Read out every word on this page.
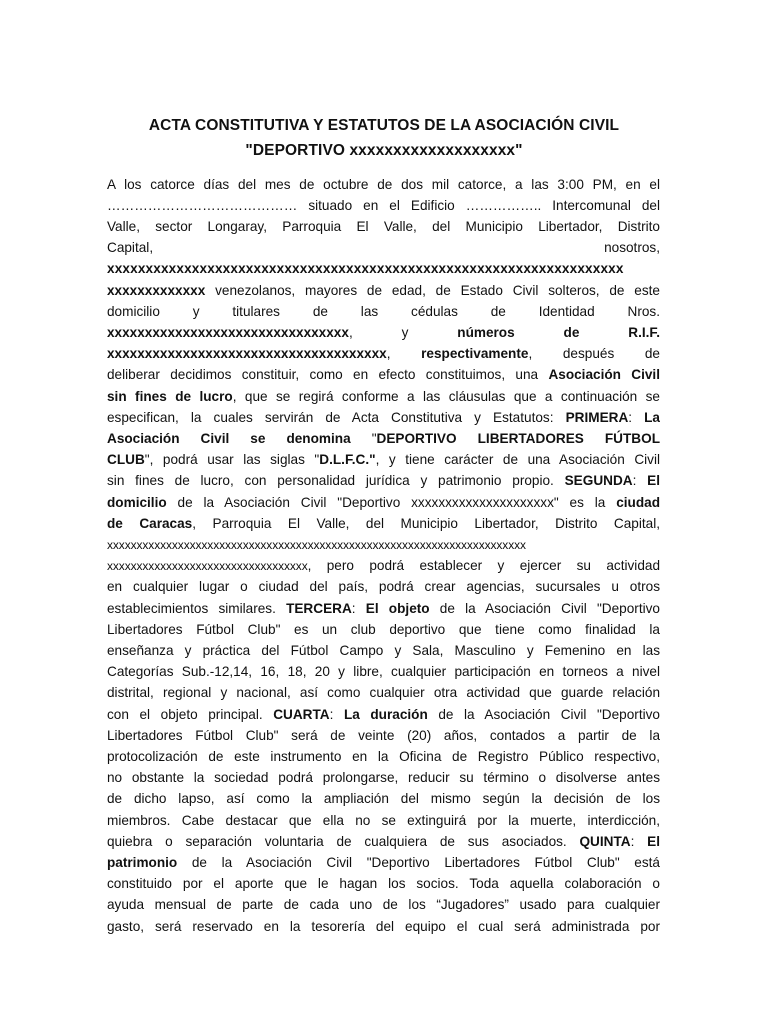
ACTA CONSTITUTIVA Y ESTATUTOS DE LA ASOCIACIÓN CIVIL
"DEPORTIVO xxxxxxxxxxxxxxxxxxx"
A los catorce días del mes de octubre de dos mil catorce, a las 3:00 PM, en el
…………………………………… situado en el Edificio …………….. Intercomunal del
Valle, sector Longaray, Parroquia El Valle, del Municipio Libertador, Distrito
Capital, nosotros,
xxxxxxxxxxxxxxxxxxxxxxxxxxxxxxxxxxxxxxxxxxxxxxxxxxxxxxxxxxxxxxxxxxx
xxxxxxxxxxxxx venezolanos, mayores de edad, de Estado Civil solteros, de este
domicilio y titulares de las cédulas de Identidad Nros.
xxxxxxxxxxxxxxxxxxxxxxxxxxxxxxxx, y números de R.I.F.
xxxxxxxxxxxxxxxxxxxxxxxxxxxxxxxxxxxxx, respectivamente, después de
deliberar decidimos constituir, como en efecto constituimos, una Asociación Civil
sin fines de lucro, que se regirá conforme a las cláusulas que a continuación se
especifican, la cuales servirán de Acta Constitutiva y Estatutos: PRIMERA: La
Asociación Civil se denomina "DEPORTIVO LIBERTADORES FÚTBOL
CLUB", podrá usar las siglas "D.L.F.C.", y tiene carácter de una Asociación Civil
sin fines de lucro, con personalidad jurídica y patrimonio propio. SEGUNDA: El
domicilio de la Asociación Civil "Deportivo xxxxxxxxxxxxxxxxxxxxx" es la ciudad
de Caracas, Parroquia El Valle, del Municipio Libertador, Distrito Capital,
xxxxxxxxxxxxxxxxxxxxxxxxxxxxxxxxxxxxxxxxxxxxxxxxxxxxxxxxxxxxxxxxxxxxxxx
xxxxxxxxxxxxxxxxxxxxxxxxxxxxxxxxxx, pero podrá establecer y ejercer su actividad
en cualquier lugar o ciudad del país, podrá crear agencias, sucursales u otros
establecimientos similares. TERCERA: El objeto de la Asociación Civil "Deportivo
Libertadores Fútbol Club" es un club deportivo que tiene como finalidad la
enseñanza y práctica del Fútbol Campo y Sala, Masculino y Femenino en las
Categorías Sub.-12,14, 16, 18, 20 y libre, cualquier participación en torneos a nivel
distrital, regional y nacional, así como cualquier otra actividad que guarde relación
con el objeto principal. CUARTA: La duración de la Asociación Civil "Deportivo
Libertadores Fútbol Club" será de veinte (20) años, contados a partir de la
protocolización de este instrumento en la Oficina de Registro Público respectivo,
no obstante la sociedad podrá prolongarse, reducir su término o disolverse antes
de dicho lapso, así como la ampliación del mismo según la decisión de los
miembros. Cabe destacar que ella no se extinguirá por la muerte, interdicción,
quiebra o separación voluntaria de cualquiera de sus asociados. QUINTA: El
patrimonio de la Asociación Civil "Deportivo Libertadores Fútbol Club" está
constituido por el aporte que le hagan los socios. Toda aquella colaboración o
ayuda mensual de parte de cada uno de los “Jugadores” usado para cualquier
gasto, será reservado en la tesorería del equipo el cual será administrada por
